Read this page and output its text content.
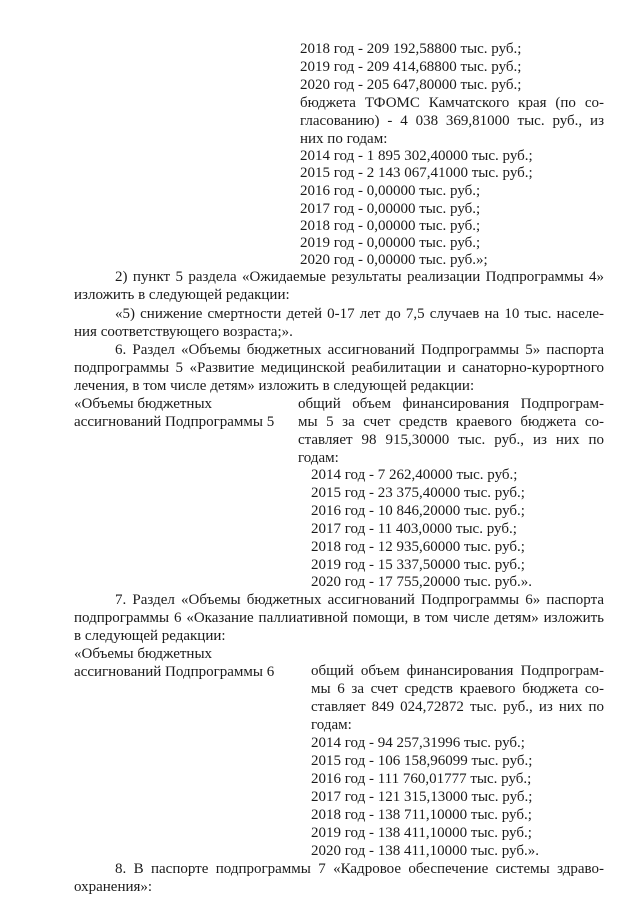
2018 год - 209 192,58800 тыс. руб.;
2019 год - 209 414,68800 тыс. руб.;
2020 год - 205 647,80000 тыс. руб.;
бюджета ТФОМС Камчатского края (по со-
гласованию) - 4 038 369,81000 тыс. руб., из
них по годам:
2014 год - 1 895 302,40000 тыс. руб.;
2015 год - 2 143 067,41000 тыс. руб.;
2016 год - 0,00000 тыс. руб.;
2017 год - 0,00000 тыс. руб.;
2018 год - 0,00000 тыс. руб.;
2019 год - 0,00000 тыс. руб.;
2020 год - 0,00000 тыс. руб.»;
2) пункт 5 раздела «Ожидаемые результаты реализации Подпрограммы 4»
изложить в следующей редакции:
«5) снижение смертности детей 0-17 лет до 7,5 случаев на 10 тыс. населе-
ния соответствующего возраста;».
6. Раздел «Объемы бюджетных ассигнований Подпрограммы 5» паспорта
подпрограммы 5 «Развитие медицинской реабилитации и санаторно-курортного
лечения, в том числе детям» изложить в следующей редакции:
«Объемы бюджетных
ассигнований Подпрограммы 5
общий объем финансирования Подпрограм-
мы 5 за счет средств краевого бюджета со-
ставляет 98 915,30000 тыс. руб., из них по
годам:
2014 год - 7 262,40000 тыс. руб.;
2015 год - 23 375,40000 тыс. руб.;
2016 год - 10 846,20000 тыс. руб.;
2017 год - 11 403,0000 тыс. руб.;
2018 год - 12 935,60000 тыс. руб.;
2019 год - 15 337,50000 тыс. руб.;
2020 год - 17 755,20000 тыс. руб.».
7. Раздел «Объемы бюджетных ассигнований Подпрограммы 6» паспорта
подпрограммы 6 «Оказание паллиативной помощи, в том числе детям» изложить
в следующей редакции:
«Объемы бюджетных
ассигнований Подпрограммы 6 общий объем финансирования Подпрограм-
мы 6 за счет средств краевого бюджета со-
ставляет 849 024,72872 тыс. руб., из них по
годам:
2014 год - 94 257,31996 тыс. руб.;
2015 год - 106 158,96099 тыс. руб.;
2016 год - 111 760,01777 тыс. руб.;
2017 год - 121 315,13000 тыс. руб.;
2018 год - 138 711,10000 тыс. руб.;
2019 год - 138 411,10000 тыс. руб.;
2020 год - 138 411,10000 тыс. руб.».
8. В паспорте подпрограммы 7 «Кадровое обеспечение системы здраво-
охранения»:
